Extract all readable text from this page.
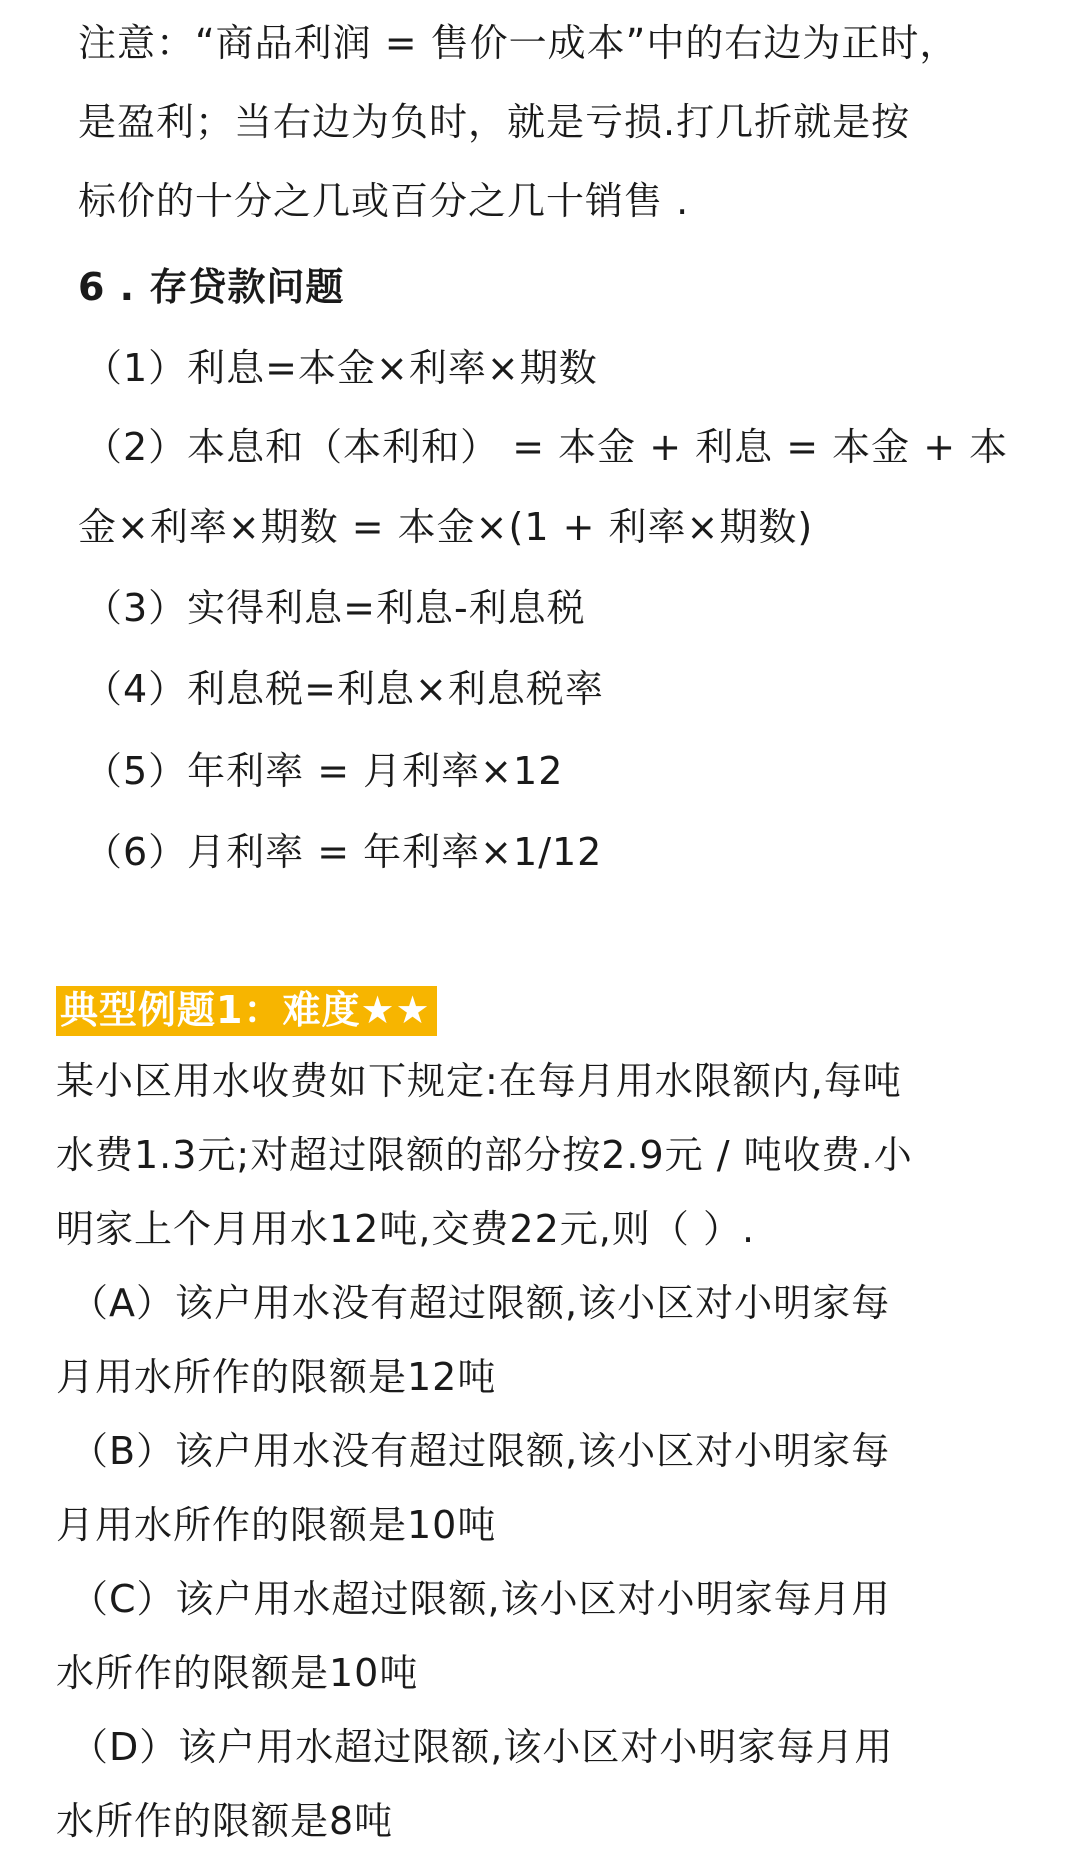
注意：“商品利润 = 售价一成本”中的右边为正时，
是盈利；当右边为负时，就是亏损.打几折就是按
标价的十分之几或百分之几十销售 .
6 . 存贷款问题
（1）利息=本金×利率×期数
（2）本息和（本利和） = 本金 + 利息 = 本金 + 本
金×利率×期数 = 本金×(1 + 利率×期数)
（3）实得利息=利息-利息税
（4）利息税=利息×利息税率
（5）年利率 = 月利率×12
（6）月利率 = 年利率×1/12
典型例题1：难度★★
某小区用水收费如下规定:在每月用水限额内,每吨
水费1.3元;对超过限额的部分按2.9元 / 吨收费.小
明家上个月用水12吨,交费22元,则（ ）.
（A）该户用水没有超过限额,该小区对小明家每
月用水所作的限额是12吨
（B）该户用水没有超过限额,该小区对小明家每
月用水所作的限额是10吨
（C）该户用水超过限额,该小区对小明家每月用
水所作的限额是10吨
（D）该户用水超过限额,该小区对小明家每月用
水所作的限额是8吨
